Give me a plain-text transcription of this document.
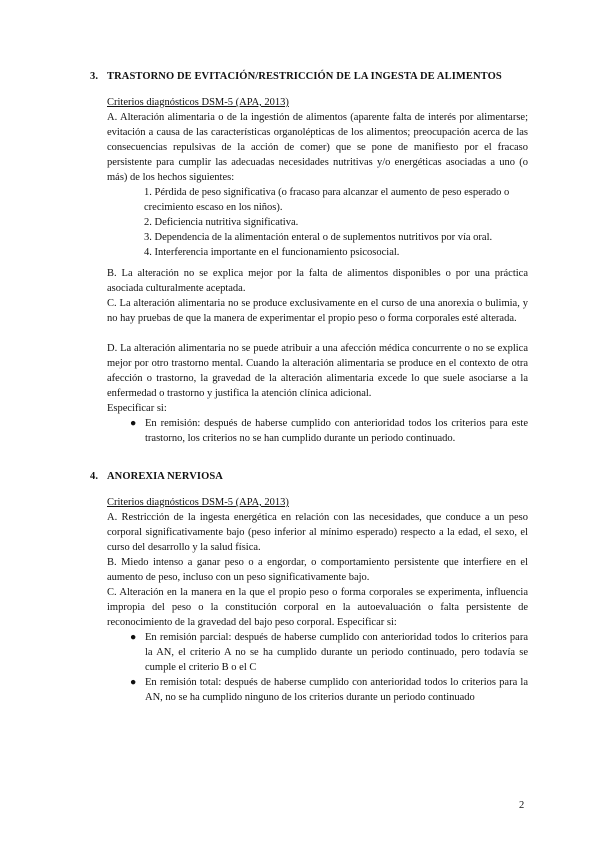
3. TRASTORNO DE EVITACIÓN/RESTRICCIÓN DE LA INGESTA DE ALIMENTOS
Criterios diagnósticos DSM-5 (APA, 2013)
A. Alteración alimentaria o de la ingestión de alimentos (aparente falta de interés por alimentarse; evitación a causa de las características organolépticas de los alimentos; preocupación acerca de las consecuencias repulsivas de la acción de comer) que se pone de manifiesto por el fracaso persistente para cumplir las adecuadas necesidades nutritivas y/o energéticas asociadas a uno (o más) de los hechos siguientes:

1. Pérdida de peso significativa (o fracaso para alcanzar el aumento de peso esperado o crecimiento escaso en los niños).

2. Deficiencia nutritiva significativa.

3. Dependencia de la alimentación enteral o de suplementos nutritivos por vía oral.

4. Interferencia importante en el funcionamiento psicosocial.

B. La alteración no se explica mejor por la falta de alimentos disponibles o por una práctica asociada culturalmente aceptada.
C. La alteración alimentaria no se produce exclusivamente en el curso de una anorexia o bulimia, y no hay pruebas de que la manera de experimentar el propio peso o forma corporales esté alterada.
D. La alteración alimentaria no se puede atribuir a una afección médica concurrente o no se explica mejor por otro trastorno mental. Cuando la alteración alimentaria se produce en el contexto de otra afección o trastorno, la gravedad de la alteración alimentaria excede lo que suele asociarse a la enfermedad o trastorno y justifica la atención clínica adicional.
Especificar si:
● En remisión: después de haberse cumplido con anterioridad todos los criterios para este trastorno, los criterios no se han cumplido durante un periodo continuado.
4. ANOREXIA NERVIOSA
Criterios diagnósticos DSM-5 (APA, 2013)
A. Restricción de la ingesta energética en relación con las necesidades, que conduce a un peso corporal significativamente bajo (peso inferior al mínimo esperado) respecto a la edad, el sexo, el curso del desarrollo y la salud física.
B. Miedo intenso a ganar peso o a engordar, o comportamiento persistente que interfiere en el aumento de peso, incluso con un peso significativamente bajo.
C. Alteración en la manera en la que el propio peso o forma corporales se experimenta, influencia impropia del peso o la constitución corporal en la autoevaluación o falta persistente de reconocimiento de la gravedad del bajo peso corporal. Especificar si:
● En remisión parcial: después de haberse cumplido con anterioridad todos lo criterios para la AN, el criterio A no se ha cumplido durante un periodo continuado, pero todavía se cumple el criterio B o el C
● En remisión total: después de haberse cumplido con anterioridad todos lo criterios para la AN, no se ha cumplido ninguno de los criterios durante un periodo continuado
2
